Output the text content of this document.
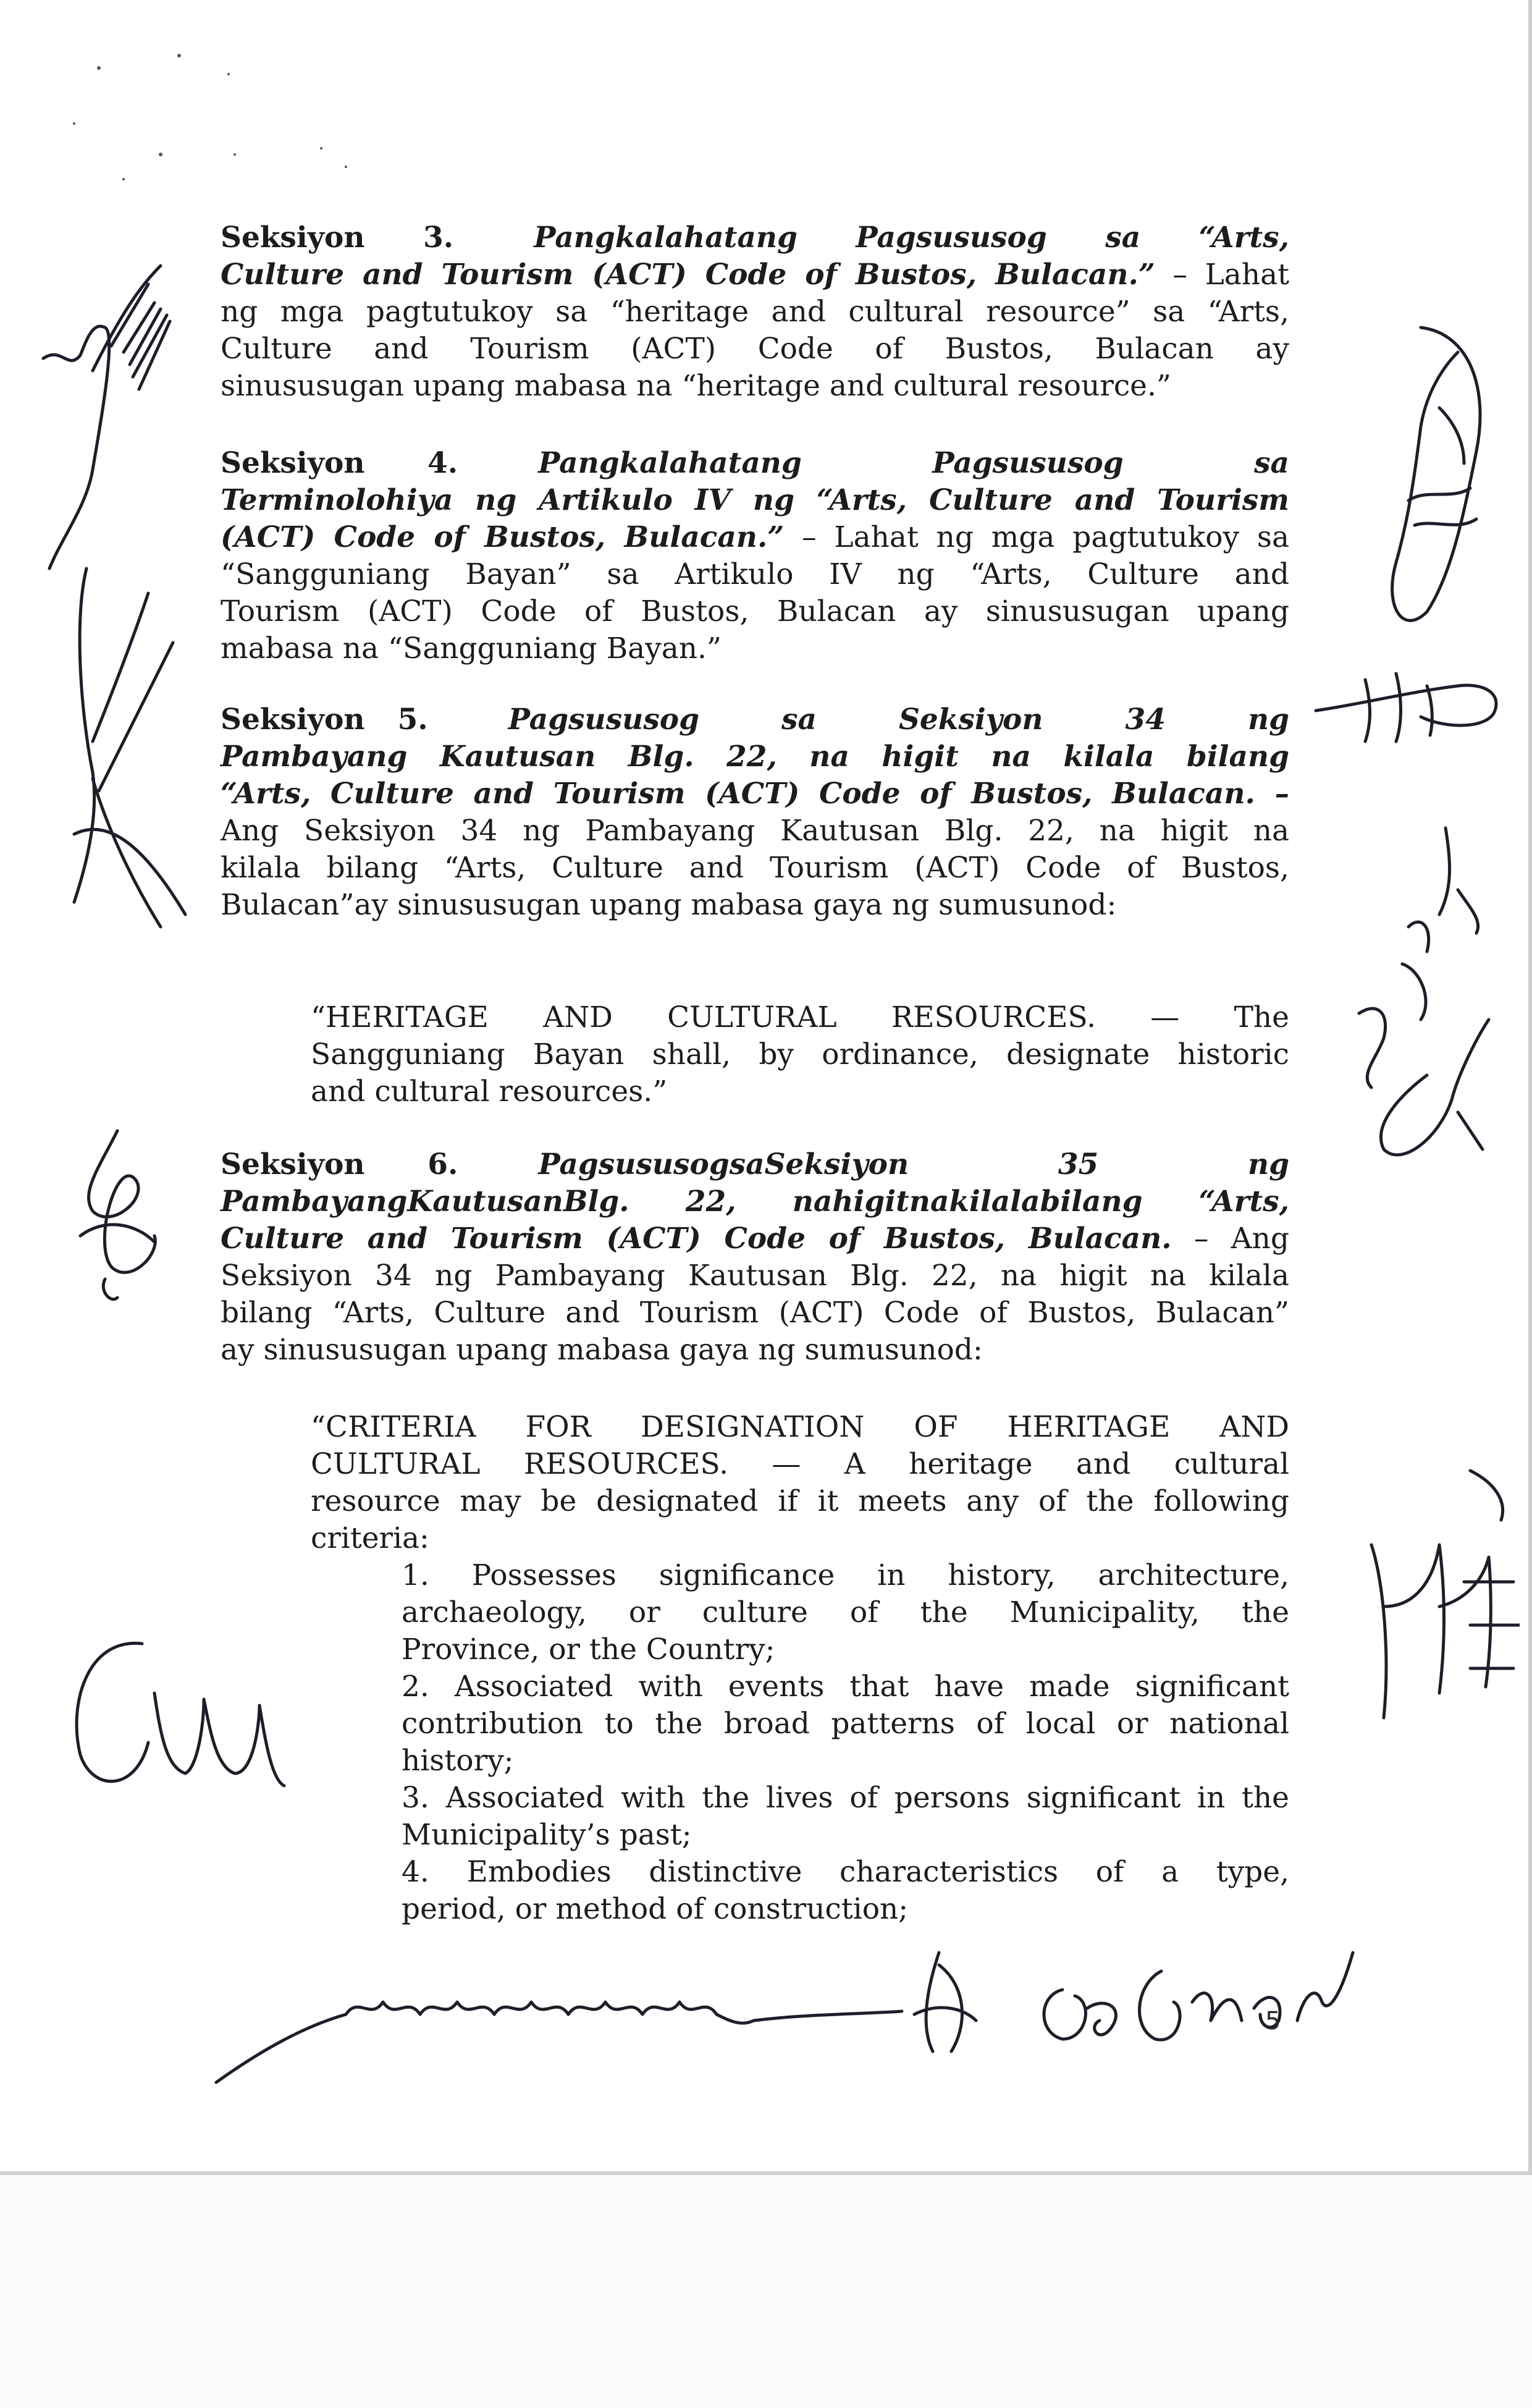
Seksiyon 3.	Pangkalahatang Pagsususog sa “Arts,

Culture and Tourism (ACT) Code of Bustos, Bulacan.” – Lahat

ng mga pagtutukoy sa “heritage and cultural resource” sa “Arts,

Culture and Tourism (ACT) Code of Bustos, Bulacan ay

sinususugan upang mabasa na “heritage and cultural resource.”

Seksiyon 4.	Pangkalahatang Pagsususog sa

Terminolohiya ng Artikulo IV ng “Arts, Culture and Tourism

(ACT) Code of Bustos, Bulacan.” – Lahat ng mga pagtutukoy sa

“Sangguniang Bayan” sa Artikulo IV ng “Arts, Culture and

Tourism (ACT) Code of Bustos, Bulacan ay sinususugan upang

mabasa na “Sangguniang Bayan.”

Seksiyon 5.	Pagsususog sa Seksiyon 34 ng

Pambayang Kautusan Blg. 22, na higit na kilala bilang

“Arts, Culture and Tourism (ACT) Code of Bustos, Bulacan. –

Ang Seksiyon 34 ng Pambayang Kautusan Blg. 22, na higit na

kilala bilang “Arts, Culture and Tourism (ACT) Code of Bustos,

Bulacan”ay sinususugan upang mabasa gaya ng sumusunod:

“HERITAGE AND CULTURAL RESOURCES. — The

Sangguniang Bayan shall, by ordinance, designate historic

and cultural resources.”

Seksiyon 6.	PagsususogsaSeksiyon 35 ng

PambayangKautusanBlg. 22, nahigitnakilalabilang “Arts,

Culture and Tourism (ACT) Code of Bustos, Bulacan. – Ang

Seksiyon 34 ng Pambayang Kautusan Blg. 22, na higit na kilala

bilang “Arts, Culture and Tourism (ACT) Code of Bustos, Bulacan”

ay sinususugan upang mabasa gaya ng sumusunod:

“CRITERIA FOR DESIGNATION OF HERITAGE AND

CULTURAL RESOURCES. — A heritage and cultural

resource may be designated if it meets any of the following

criteria:

1. Possesses significance in history, architecture,

archaeology, or culture of the Municipality, the

Province, or the Country;

2. Associated with events that have made significant

contribution to the broad patterns of local or national

history;

3. Associated with the lives of persons significant in the

Municipality’s past;

4. Embodies distinctive characteristics of a type,

period, or method of construction;

5
